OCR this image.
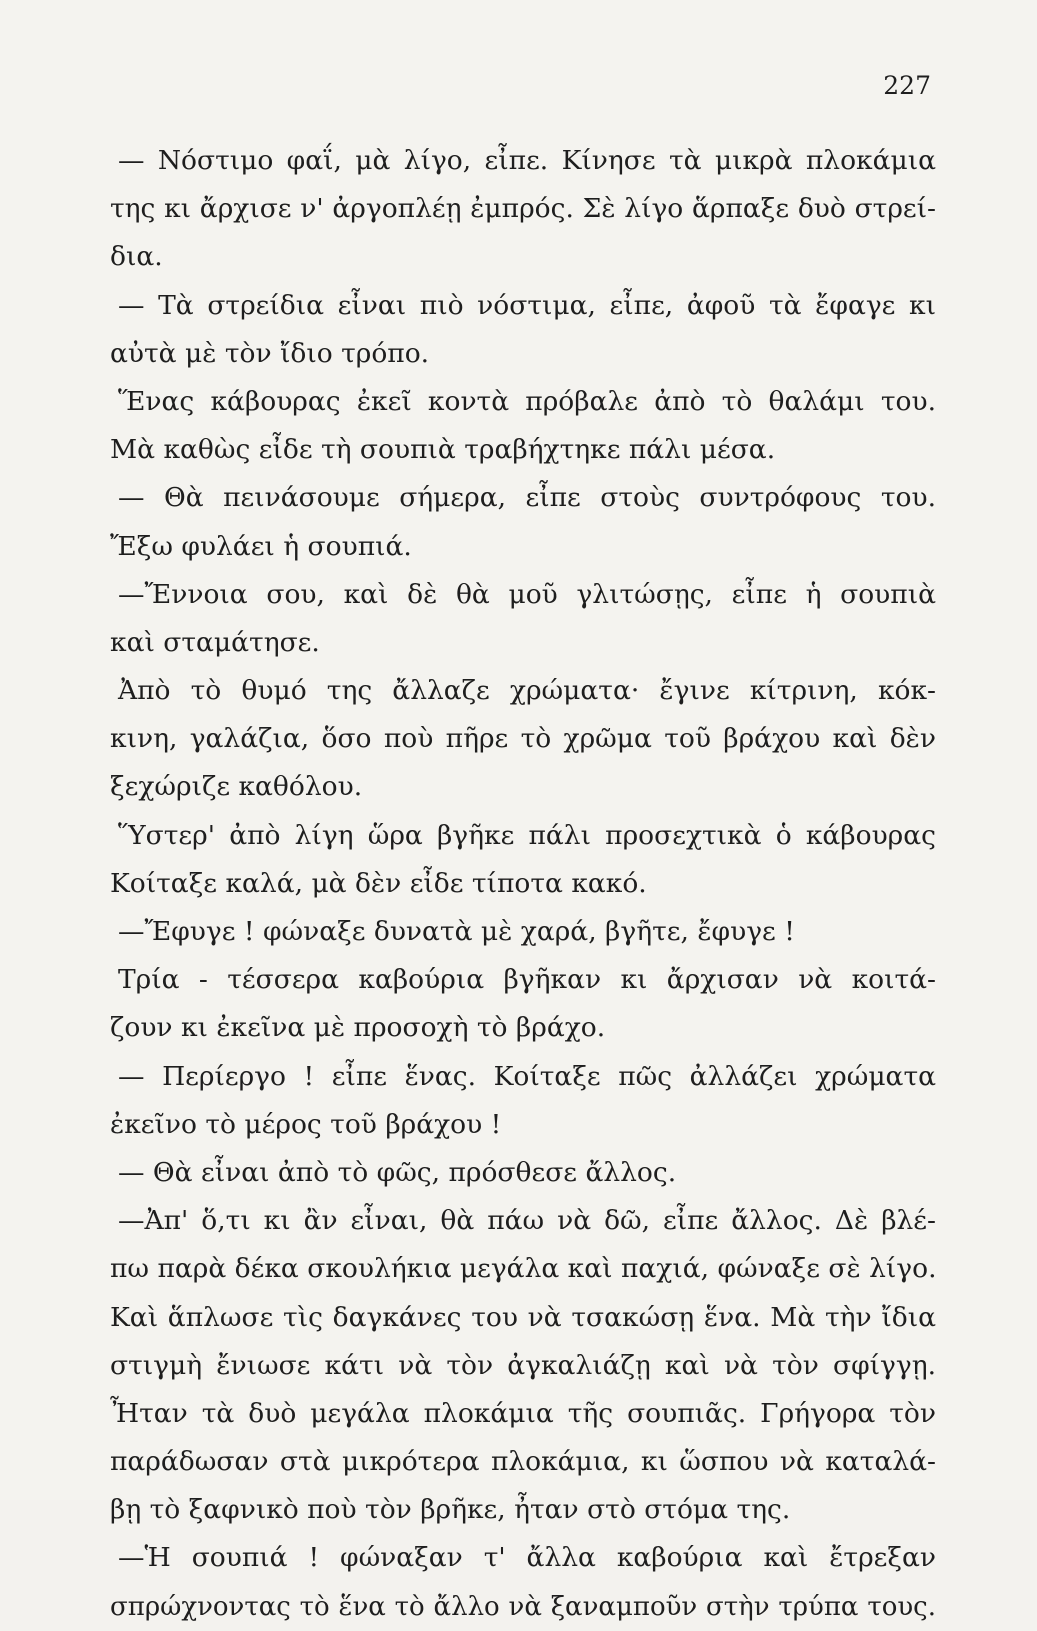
227
— Νόστιμο φαΐ, μὰ λίγο, εἶπε. Κίνησε τὰ μικρὰ πλοκάμια
της κι ἄρχισε ν' ἀργοπλέῃ ἐμπρός. Σὲ λίγο ἅρπαξε δυὸ στρεί-
δια.
— Τὰ στρείδια εἶναι πιὸ νόστιμα, εἶπε, ἀφοῦ τὰ ἔφαγε κι
αὐτὰ μὲ τὸν ἴδιο τρόπο.
Ἕνας κάβουρας ἐκεῖ κοντὰ πρόβαλε ἀπὸ τὸ θαλάμι του.
Μὰ καθὼς εἶδε τὴ σουπιὰ τραβήχτηκε πάλι μέσα.
— Θὰ πεινάσουμε σήμερα, εἶπε στοὺς συντρόφους του.
Ἔξω φυλάει ἡ σουπιά.
—Ἔννοια σου, καὶ δὲ θὰ μοῦ γλιτώσῃς, εἶπε ἡ σουπιὰ
καὶ σταμάτησε.
Ἀπὸ τὸ θυμό της ἄλλαζε χρώματα· ἔγινε κίτρινη, κόκ-
κινη, γαλάζια, ὅσο ποὺ πῆρε τὸ χρῶμα τοῦ βράχου καὶ δὲν
ξεχώριζε καθόλου.
Ὕστερ' ἀπὸ λίγη ὥρα βγῆκε πάλι προσεχτικὰ ὁ κάβουρας
Κοίταξε καλά, μὰ δὲν εἶδε τίποτα κακό.
—Ἔφυγε ! φώναξε δυνατὰ μὲ χαρά, βγῆτε, ἔφυγε !
Τρία - τέσσερα καβούρια βγῆκαν κι ἄρχισαν νὰ κοιτά-
ζουν κι ἐκεῖνα μὲ προσοχὴ τὸ βράχο.
— Περίεργο ! εἶπε ἕνας. Κοίταξε πῶς ἀλλάζει χρώματα
ἐκεῖνο τὸ μέρος τοῦ βράχου !
— Θὰ εἶναι ἀπὸ τὸ φῶς, πρόσθεσε ἄλλος.
—Ἀπ' ὅ,τι κι ἂν εἶναι, θὰ πάω νὰ δῶ, εἶπε ἄλλος. Δὲ βλέ-
πω παρὰ δέκα σκουλήκια μεγάλα καὶ παχιά, φώναξε σὲ λίγο.
Καὶ ἅπλωσε τὶς δαγκάνες του νὰ τσακώσῃ ἕνα. Μὰ τὴν ἴδια
στιγμὴ ἔνιωσε κάτι νὰ τὸν ἀγκαλιάζῃ καὶ νὰ τὸν σφίγγῃ.
Ἦταν τὰ δυὸ μεγάλα πλοκάμια τῆς σουπιᾶς. Γρήγορα τὸν
παράδωσαν στὰ μικρότερα πλοκάμια, κι ὥσπου νὰ καταλά-
βῃ τὸ ξαφνικὸ ποὺ τὸν βρῆκε, ἦταν στὸ στόμα της.
—Ἡ σουπιά ! φώναξαν τ' ἄλλα καβούρια καὶ ἔτρεξαν
σπρώχνοντας τὸ ἕνα τὸ ἄλλο νὰ ξαναμποῦν στὴν τρύπα τους.
